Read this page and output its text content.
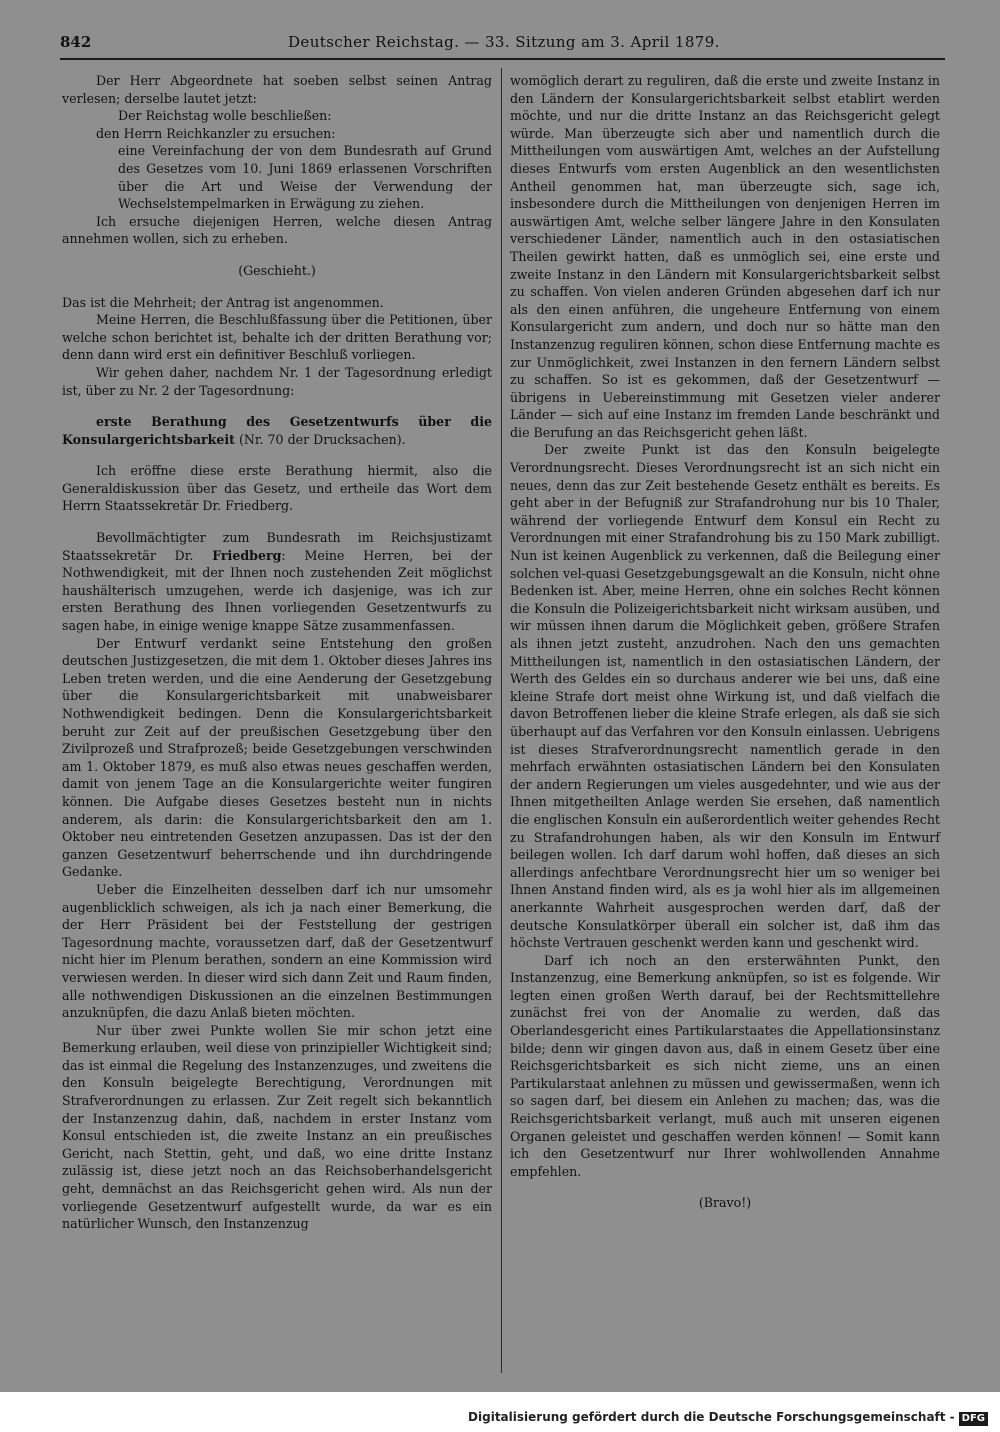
842	Deutscher Reichstag. — 33. Sitzung am 3. April 1879.

Der Herr Abgeordnete hat soeben selbst seinen Antrag verlesen; derselbe lautet jetzt:

Der Reichstag wolle beschließen:

den Herrn Reichkanzler zu ersuchen:

eine Vereinfachung der von dem Bundesrath auf Grund des Gesetzes vom 10. Juni 1869 erlassenen Vorschriften über die Art und Weise der Verwendung der Wechselstempelmarken in Erwägung zu ziehen.

Ich ersuche diejenigen Herren, welche diesen Antrag annehmen wollen, sich zu erheben.

(Geschieht.)

Das ist die Mehrheit; der Antrag ist angenommen.

Meine Herren, die Beschlußfassung über die Petitionen, über welche schon berichtet ist, behalte ich der dritten Berathung vor; denn dann wird erst ein definitiver Beschluß vorliegen.

Wir gehen daher, nachdem Nr. 1 der Tagesordnung erledigt ist, über zu Nr. 2 der Tagesordnung:

erste Berathung des Gesetzentwurfs über die Konsulargerichtsbarkeit (Nr. 70 der Drucksachen).

Ich eröffne diese erste Berathung hiermit, also die Generaldiskussion über das Gesetz, und ertheile das Wort dem Herrn Staatssekretär Dr. Friedberg.

Bevollmächtigter zum Bundesrath im Reichsjustizamt Staatssekretär Dr. Friedberg: Meine Herren, bei der Nothwendigkeit, mit der Ihnen noch zustehenden Zeit möglichst haushälterisch umzugehen, werde ich dasjenige, was ich zur ersten Berathung des Ihnen vorliegenden Gesetzentwurfs zu sagen habe, in einige wenige knappe Sätze zusammenfassen.

Der Entwurf verdankt seine Entstehung den großen deutschen Justizgesetzen, die mit dem 1. Oktober dieses Jahres ins Leben treten werden, und die eine Aenderung der Gesetzgebung über die Konsulargerichtsbarkeit mit unabweisbarer Nothwendigkeit bedingen. Denn die Konsulargerichtsbarkeit beruht zur Zeit auf der preußischen Gesetzgebung über den Zivilprozeß und Strafprozeß; beide Gesetzgebungen verschwinden am 1. Oktober 1879, es muß also etwas neues geschaffen werden, damit von jenem Tage an die Konsulargerichte weiter fungiren können. Die Aufgabe dieses Gesetzes besteht nun in nichts anderem, als darin: die Konsulargerichtsbarkeit den am 1. Oktober neu eintretenden Gesetzen anzupassen. Das ist der den ganzen Gesetzentwurf beherrschende und ihn durchdringende Gedanke.

Ueber die Einzelheiten desselben darf ich nur umsomehr augenblicklich schweigen, als ich ja nach einer Bemerkung, die der Herr Präsident bei der Feststellung der gestrigen Tagesordnung machte, voraussetzen darf, daß der Gesetzentwurf nicht hier im Plenum berathen, sondern an eine Kommission wird verwiesen werden. In dieser wird sich dann Zeit und Raum finden, alle nothwendigen Diskussionen an die einzelnen Bestimmungen anzuknüpfen, die dazu Anlaß bieten möchten.

Nur über zwei Punkte wollen Sie mir schon jetzt eine Bemerkung erlauben, weil diese von prinzipieller Wichtigkeit sind; das ist einmal die Regelung des Instanzenzuges, und zweitens die den Konsuln beigelegte Berechtigung, Verordnungen mit Strafverordnungen zu erlassen. Zur Zeit regelt sich bekanntlich der Instanzenzug dahin, daß, nachdem in erster Instanz vom Konsul entschieden ist, die zweite Instanz an ein preußisches Gericht, nach Stettin, geht, und daß, wo eine dritte Instanz zulässig ist, diese jetzt noch an das Reichsoberhandelsgericht geht, demnächst an das Reichsgericht gehen wird. Als nun der vorliegende Gesetzentwurf aufgestellt wurde, da war es ein natürlicher Wunsch, den Instanzenzug

womöglich derart zu reguliren, daß die erste und zweite Instanz in den Ländern der Konsulargerichtsbarkeit selbst etablirt werden möchte, und nur die dritte Instanz an das Reichsgericht gelegt würde. Man überzeugte sich aber und namentlich durch die Mittheilungen vom auswärtigen Amt, welches an der Aufstellung dieses Entwurfs vom ersten Augenblick an den wesentlichsten Antheil genommen hat, man überzeugte sich, sage ich, insbesondere durch die Mittheilungen von denjenigen Herren im auswärtigen Amt, welche selber längere Jahre in den Konsulaten verschiedener Länder, namentlich auch in den ostasiatischen Theilen gewirkt hatten, daß es unmöglich sei, eine erste und zweite Instanz in den Ländern mit Konsulargerichtsbarkeit selbst zu schaffen. Von vielen anderen Gründen abgesehen darf ich nur als den einen anführen, die ungeheure Entfernung von einem Konsulargericht zum andern, und doch nur so hätte man den Instanzenzug reguliren können, schon diese Entfernung machte es zur Unmöglichkeit, zwei Instanzen in den fernern Ländern selbst zu schaffen. So ist es gekommen, daß der Gesetzentwurf — übrigens in Uebereinstimmung mit Gesetzen vieler anderer Länder — sich auf eine Instanz im fremden Lande beschränkt und die Berufung an das Reichsgericht gehen läßt.

Der zweite Punkt ist das den Konsuln beigelegte Verordnungsrecht. Dieses Verordnungsrecht ist an sich nicht ein neues, denn das zur Zeit bestehende Gesetz enthält es bereits. Es geht aber in der Befugniß zur Strafandrohung nur bis 10 Thaler, während der vorliegende Entwurf dem Konsul ein Recht zu Verordnungen mit einer Strafandrohung bis zu 150 Mark zubilligt. Nun ist keinen Augenblick zu verkennen, daß die Beilegung einer solchen vel-quasi Gesetzgebungsgewalt an die Konsuln, nicht ohne Bedenken ist. Aber, meine Herren, ohne ein solches Recht können die Konsuln die Polizeigerichtsbarkeit nicht wirksam ausüben, und wir müssen ihnen darum die Möglichkeit geben, größere Strafen als ihnen jetzt zusteht, anzudrohen. Nach den uns gemachten Mittheilungen ist, namentlich in den ostasiatischen Ländern, der Werth des Geldes ein so durchaus anderer wie bei uns, daß eine kleine Strafe dort meist ohne Wirkung ist, und daß vielfach die davon Betroffenen lieber die kleine Strafe erlegen, als daß sie sich überhaupt auf das Verfahren vor den Konsuln einlassen. Uebrigens ist dieses Strafverordnungsrecht namentlich gerade in den mehrfach erwähnten ostasiatischen Ländern bei den Konsulaten der andern Regierungen um vieles ausgedehnter, und wie aus der Ihnen mitgetheilten Anlage werden Sie ersehen, daß namentlich die englischen Konsuln ein außerordentlich weiter gehendes Recht zu Strafandrohungen haben, als wir den Konsuln im Entwurf beilegen wollen. Ich darf darum wohl hoffen, daß dieses an sich allerdings anfechtbare Verordnungsrecht hier um so weniger bei Ihnen Anstand finden wird, als es ja wohl hier als im allgemeinen anerkannte Wahrheit ausgesprochen werden darf, daß der deutsche Konsulatkörper überall ein solcher ist, daß ihm das höchste Vertrauen geschenkt werden kann und geschenkt wird.

Darf ich noch an den ersterwähnten Punkt, den Instanzenzug, eine Bemerkung anknüpfen, so ist es folgende. Wir legten einen großen Werth darauf, bei der Rechtsmittellehre zunächst frei von der Anomalie zu werden, daß das Oberlandesgericht eines Partikularstaates die Appellationsinstanz bilde; denn wir gingen davon aus, daß in einem Gesetz über eine Reichsgerichtsbarkeit es sich nicht zieme, uns an einen Partikularstaat anlehnen zu müssen und gewissermaßen, wenn ich so sagen darf, bei diesem ein Anlehen zu machen; das, was die Reichsgerichtsbarkeit verlangt, muß auch mit unseren eigenen Organen geleistet und geschaffen werden können! — Somit kann ich den Gesetzentwurf nur Ihrer wohlwollenden Annahme empfehlen.

(Bravo!)

Digitalisierung gefördert durch die Deutsche Forschungsgemeinschaft - DFG
